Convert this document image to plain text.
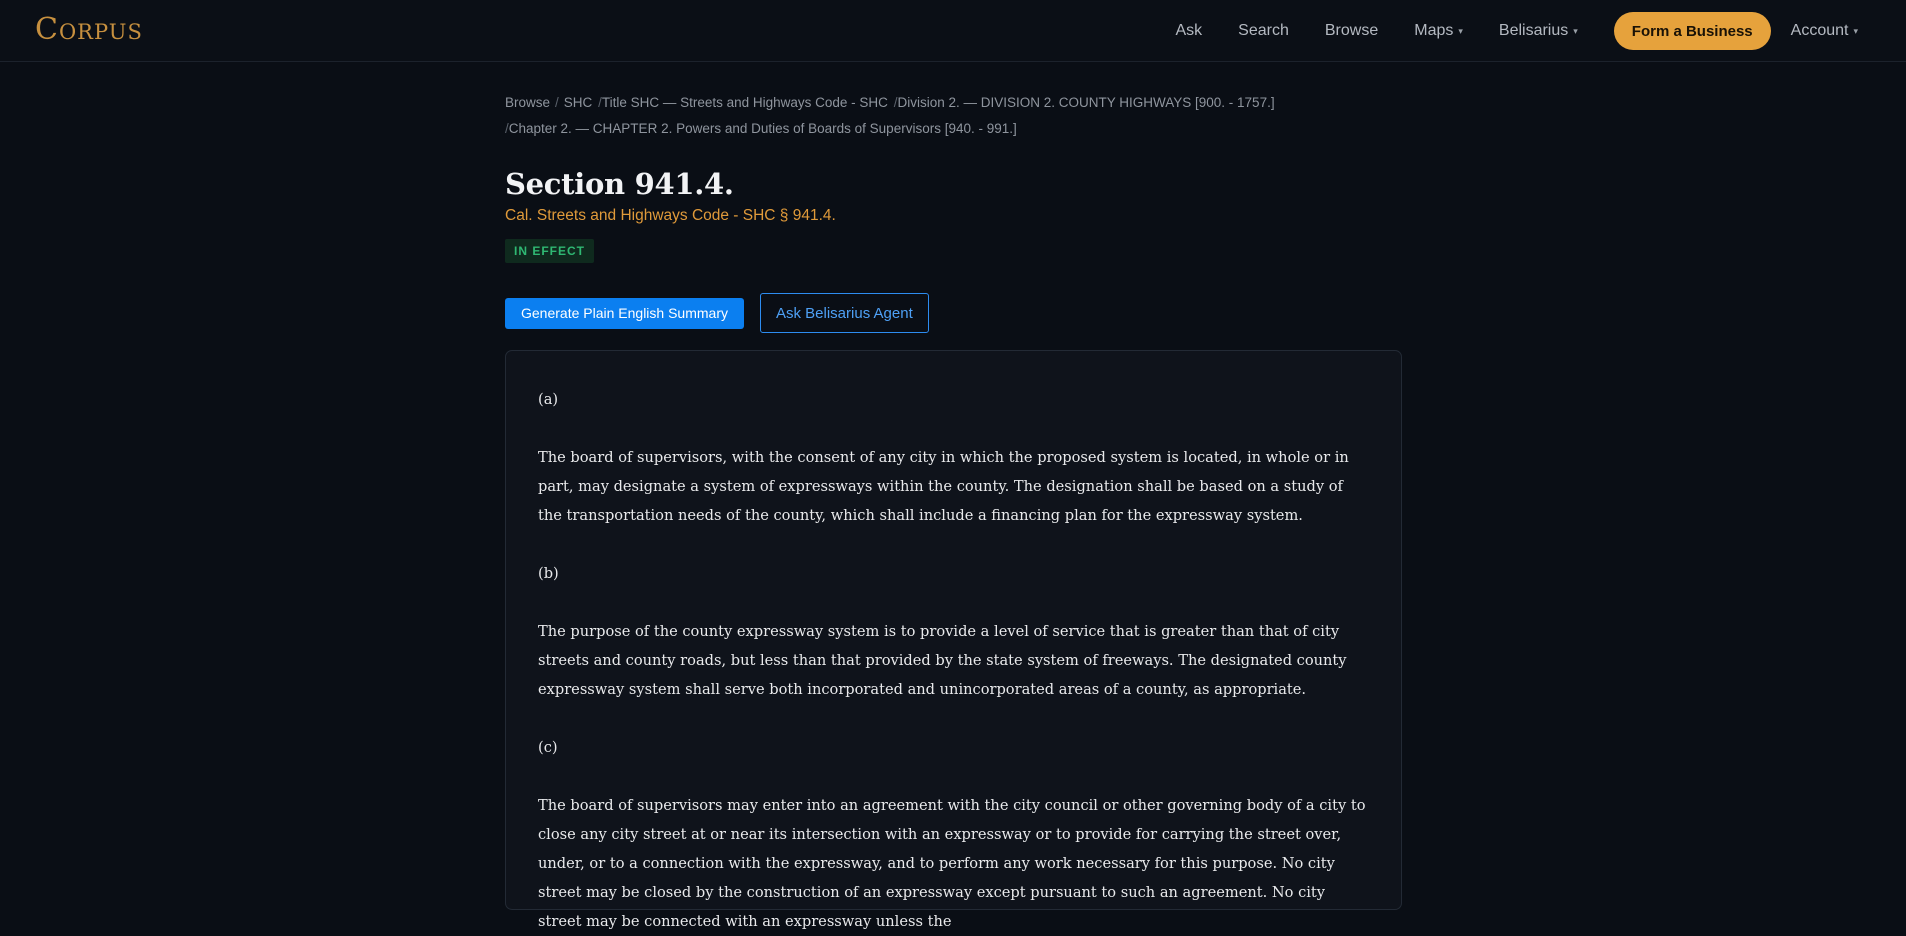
Corpus	Ask Search Browse Maps ▾ Belisarius ▾	Form a Business	Account ▾
Browse / SHC /Title SHC — Streets and Highways Code - SHC /Division 2. — DIVISION 2. COUNTY HIGHWAYS [900. - 1757.]
/Chapter 2. — CHAPTER 2. Powers and Duties of Boards of Supervisors [940. - 991.]
Section 941.4.
Cal. Streets and Highways Code - SHC § 941.4.
IN EFFECT
Generate Plain English Summary	Ask Belisarius Agent
(a)
The board of supervisors, with the consent of any city in which the proposed system is located, in whole or in part, may designate a system of expressways within the county. The designation shall be based on a study of the transportation needs of the county, which shall include a financing plan for the expressway system.
(b)
The purpose of the county expressway system is to provide a level of service that is greater than that of city streets and county roads, but less than that provided by the state system of freeways. The designated county expressway system shall serve both incorporated and unincorporated areas of a county, as appropriate.
(c)
The board of supervisors may enter into an agreement with the city council or other governing body of a city to close any city street at or near its intersection with an expressway or to provide for carrying the street over, under, or to a connection with the expressway, and to perform any work necessary for this purpose. No city street may be closed by the construction of an expressway except pursuant to such an agreement. No city street may be connected with an expressway unless the
